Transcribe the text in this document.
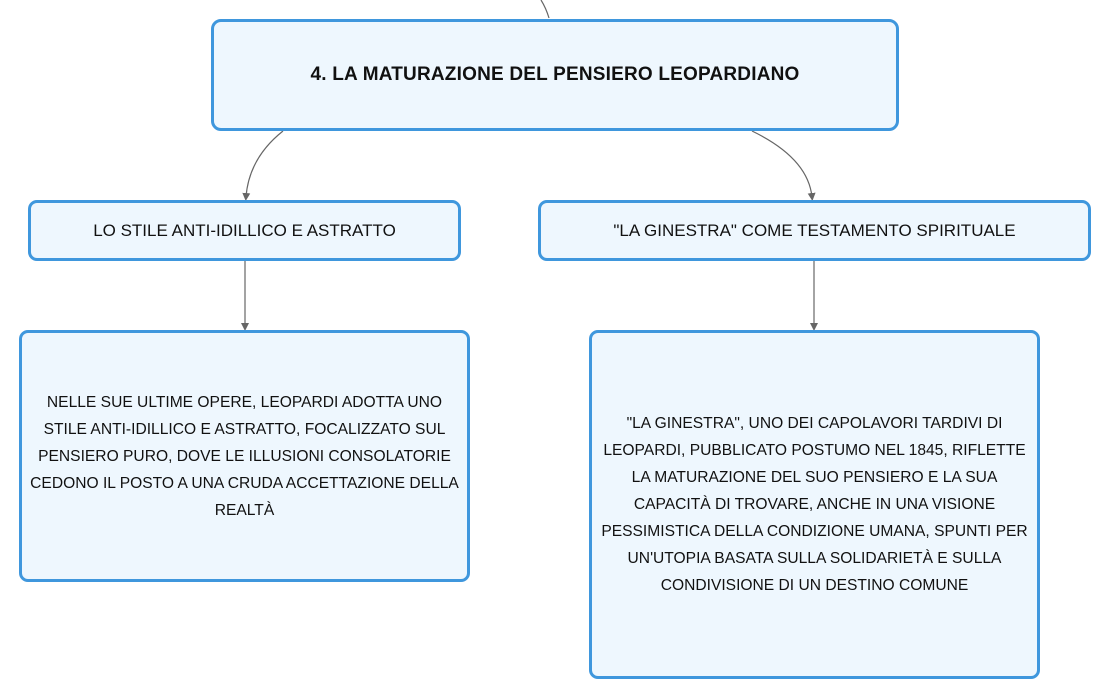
4. LA MATURAZIONE DEL PENSIERO LEOPARDIANO
LO STILE ANTI-IDILLICO E ASTRATTO	"LA GINESTRA" COME TESTAMENTO SPIRITUALE
NELLE SUE ULTIME OPERE, LEOPARDI ADOTTA UNO STILE ANTI-IDILLICO E ASTRATTO, FOCALIZZATO SUL PENSIERO PURO, DOVE LE ILLUSIONI CONSOLATORIE CEDONO IL POSTO A UNA CRUDA ACCETTAZIONE DELLA REALTÀ
"LA GINESTRA", UNO DEI CAPOLAVORI TARDIVI DI LEOPARDI, PUBBLICATO POSTUMO NEL 1845, RIFLETTE LA MATURAZIONE DEL SUO PENSIERO E LA SUA CAPACITÀ DI TROVARE, ANCHE IN UNA VISIONE PESSIMISTICA DELLA CONDIZIONE UMANA, SPUNTI PER UN'UTOPIA BASATA SULLA SOLIDARIETÀ E SULLA CONDIVISIONE DI UN DESTINO COMUNE
